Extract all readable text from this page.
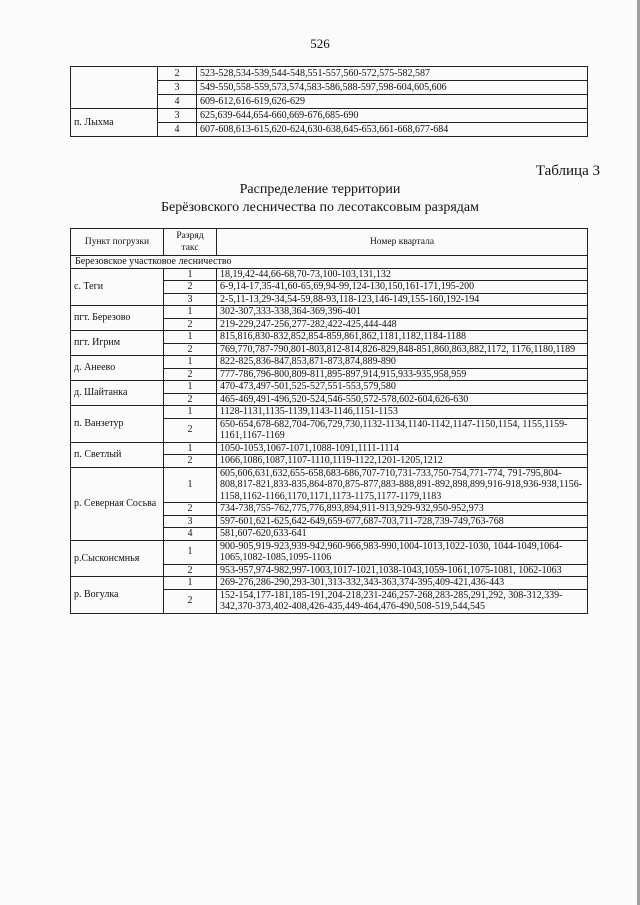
526
	2	523-528,534-539,544-548,551-557,560-572,575-582,587
	3	549-550,558-559,573,574,583-586,588-597,598-604,605,606
	4	609-612,616-619,626-629
п. Лыхма	3	625,639-644,654-660,669-676,685-690
	4	607-608,613-615,620-624,630-638,645-653,661-668,677-684
Таблица 3
Распределение территории
Берёзовского лесничества по лесотаксовым разрядам
Пункт погрузки	Разряд такс	Номер квартала
Березовское участковое лесничество		
с. Теги	1	18,19,42-44,66-68,70-73,100-103,131,132
	2	6-9,14-17,35-41,60-65,69,94-99,124-130,150,161-171,195-200
	3	2-5,11-13,29-34,54-59,88-93,118-123,146-149,155-160,192-194
пгт. Березово	1	302-307,333-338,364-369,396-401
	2	219-229,247-256,277-282,422-425,444-448
пгт. Игрим	1	815,816,830-832,852,854-859,861,862,1181,1182,1184-1188
	2	769,770,787-790,801-803,812-814,826-829,848-851,860,863,882,1172, 1176,1180,1189
д. Анеево	1	822-825,836-847,853,871-873,874,889-890
	2	777-786,796-800,809-811,895-897,914,915,933-935,958,959
д. Шайтанка	1	470-473,497-501,525-527,551-553,579,580
	2	465-469,491-496,520-524,546-550,572-578,602-604,626-630
п. Ванзетур	1	1128-1131,1135-1139,1143-1146,1151-1153
	2	650-654,678-682,704-706,729,730,1132-1134,1140-1142,1147-1150,1154, 1155,1159-1161,1167-1169
п. Светлый	1	1050-1053,1067-1071,1088-1091,1111-1114
	2	1066,1086,1087,1107-1110,1119-1122,1201-1205,1212
р. Северная Сосьва	1	605,606,631,632,655-658,683-686,707-710,731-733,750-754,771-774, 791-795,804-808,817-821,833-835,864-870,875-877,883-888,891-892,898,899,916-918,936-938,1156-1158,1162-1166,1170,1171,1173-1175,1177-1179,1183
	2	734-738,755-762,775,776,893,894,911-913,929-932,950-952,973
	3	597-601,621-625,642-649,659-677,687-703,711-728,739-749,763-768
	4	581,607-620,633-641
р.Сысконсмнья	1	900-905,919-923,939-942,960-966,983-990,1004-1013,1022-1030, 1044-1049,1064-1065,1082-1085,1095-1106
	2	953-957,974-982,997-1003,1017-1021,1038-1043,1059-1061,1075-1081, 1062-1063
р. Вогулка	1	269-276,286-290,293-301,313-332,343-363,374-395,409-421,436-443
	2	152-154,177-181,185-191,204-218,231-246,257-268,283-285,291,292, 308-312,339-342,370-373,402-408,426-435,449-464,476-490,508-519,544,545
